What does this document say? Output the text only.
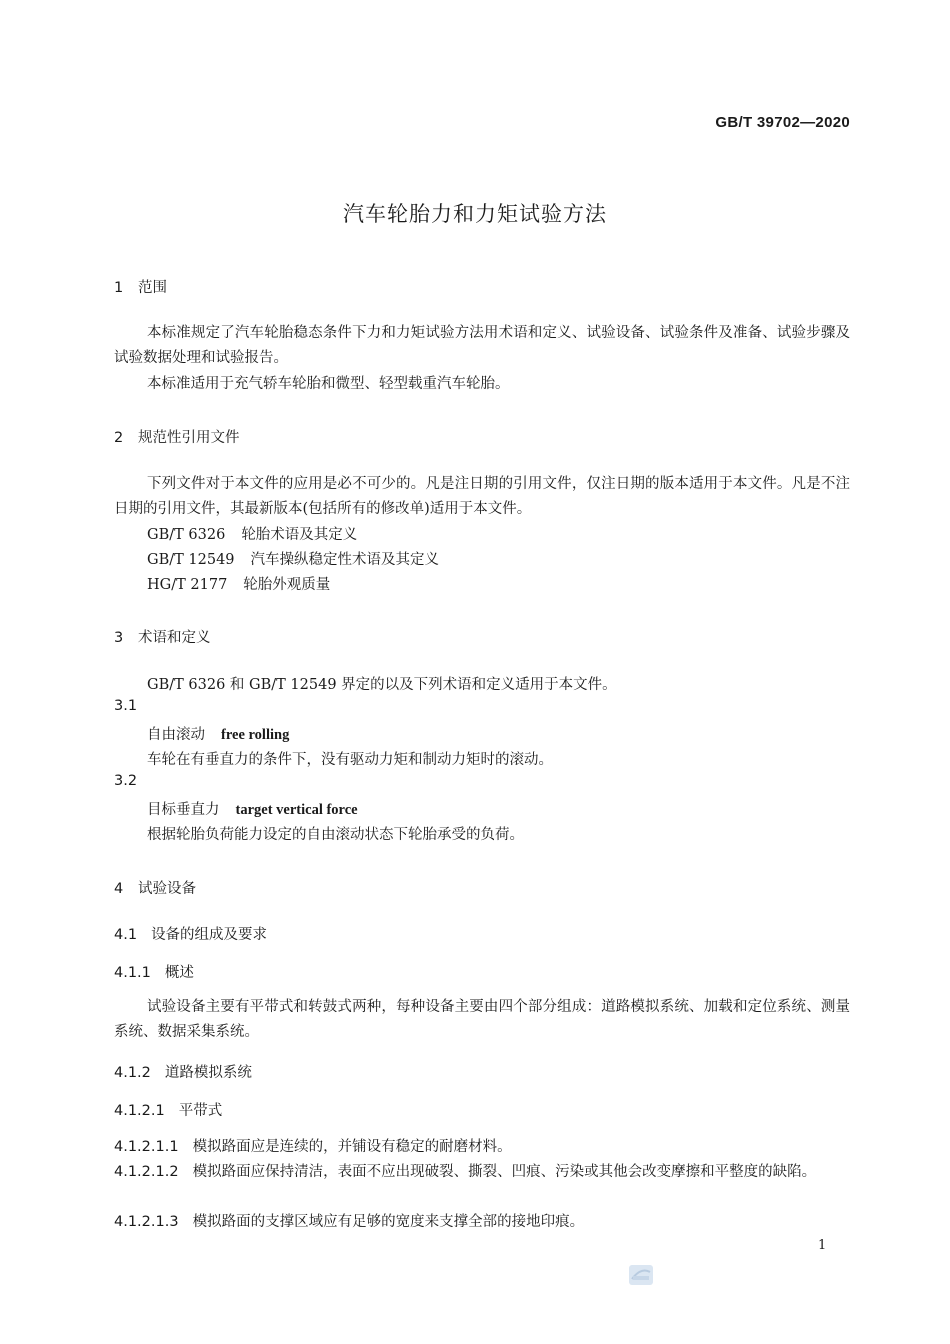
GB/T 39702—2020
汽车轮胎力和力矩试验方法
1 范围
本标准规定了汽车轮胎稳态条件下力和力矩试验方法用术语和定义、试验设备、试验条件及准备、试验步骤及试验数据处理和试验报告。
本标准适用于充气轿车轮胎和微型、轻型载重汽车轮胎。
2 规范性引用文件
下列文件对于本文件的应用是必不可少的。凡是注日期的引用文件，仅注日期的版本适用于本文件。凡是不注日期的引用文件，其最新版本(包括所有的修改单)适用于本文件。
GB/T 6326 轮胎术语及其定义
GB/T 12549 汽车操纵稳定性术语及其定义
HG/T 2177 轮胎外观质量
3 术语和定义
GB/T 6326 和 GB/T 12549 界定的以及下列术语和定义适用于本文件。
3.1
自由滚动 free rolling
车轮在有垂直力的条件下，没有驱动力矩和制动力矩时的滚动。
3.2
目标垂直力 target vertical force
根据轮胎负荷能力设定的自由滚动状态下轮胎承受的负荷。
4 试验设备
4.1 设备的组成及要求
4.1.1 概述
试验设备主要有平带式和转鼓式两种，每种设备主要由四个部分组成：道路模拟系统、加载和定位系统、测量系统、数据采集系统。
4.1.2 道路模拟系统
4.1.2.1 平带式
4.1.2.1.1 模拟路面应是连续的，并铺设有稳定的耐磨材料。
4.1.2.1.2 模拟路面应保持清洁，表面不应出现破裂、撕裂、凹痕、污染或其他会改变摩擦和平整度的缺陷。
4.1.2.1.3 模拟路面的支撑区域应有足够的宽度来支撑全部的接地印痕。
1
